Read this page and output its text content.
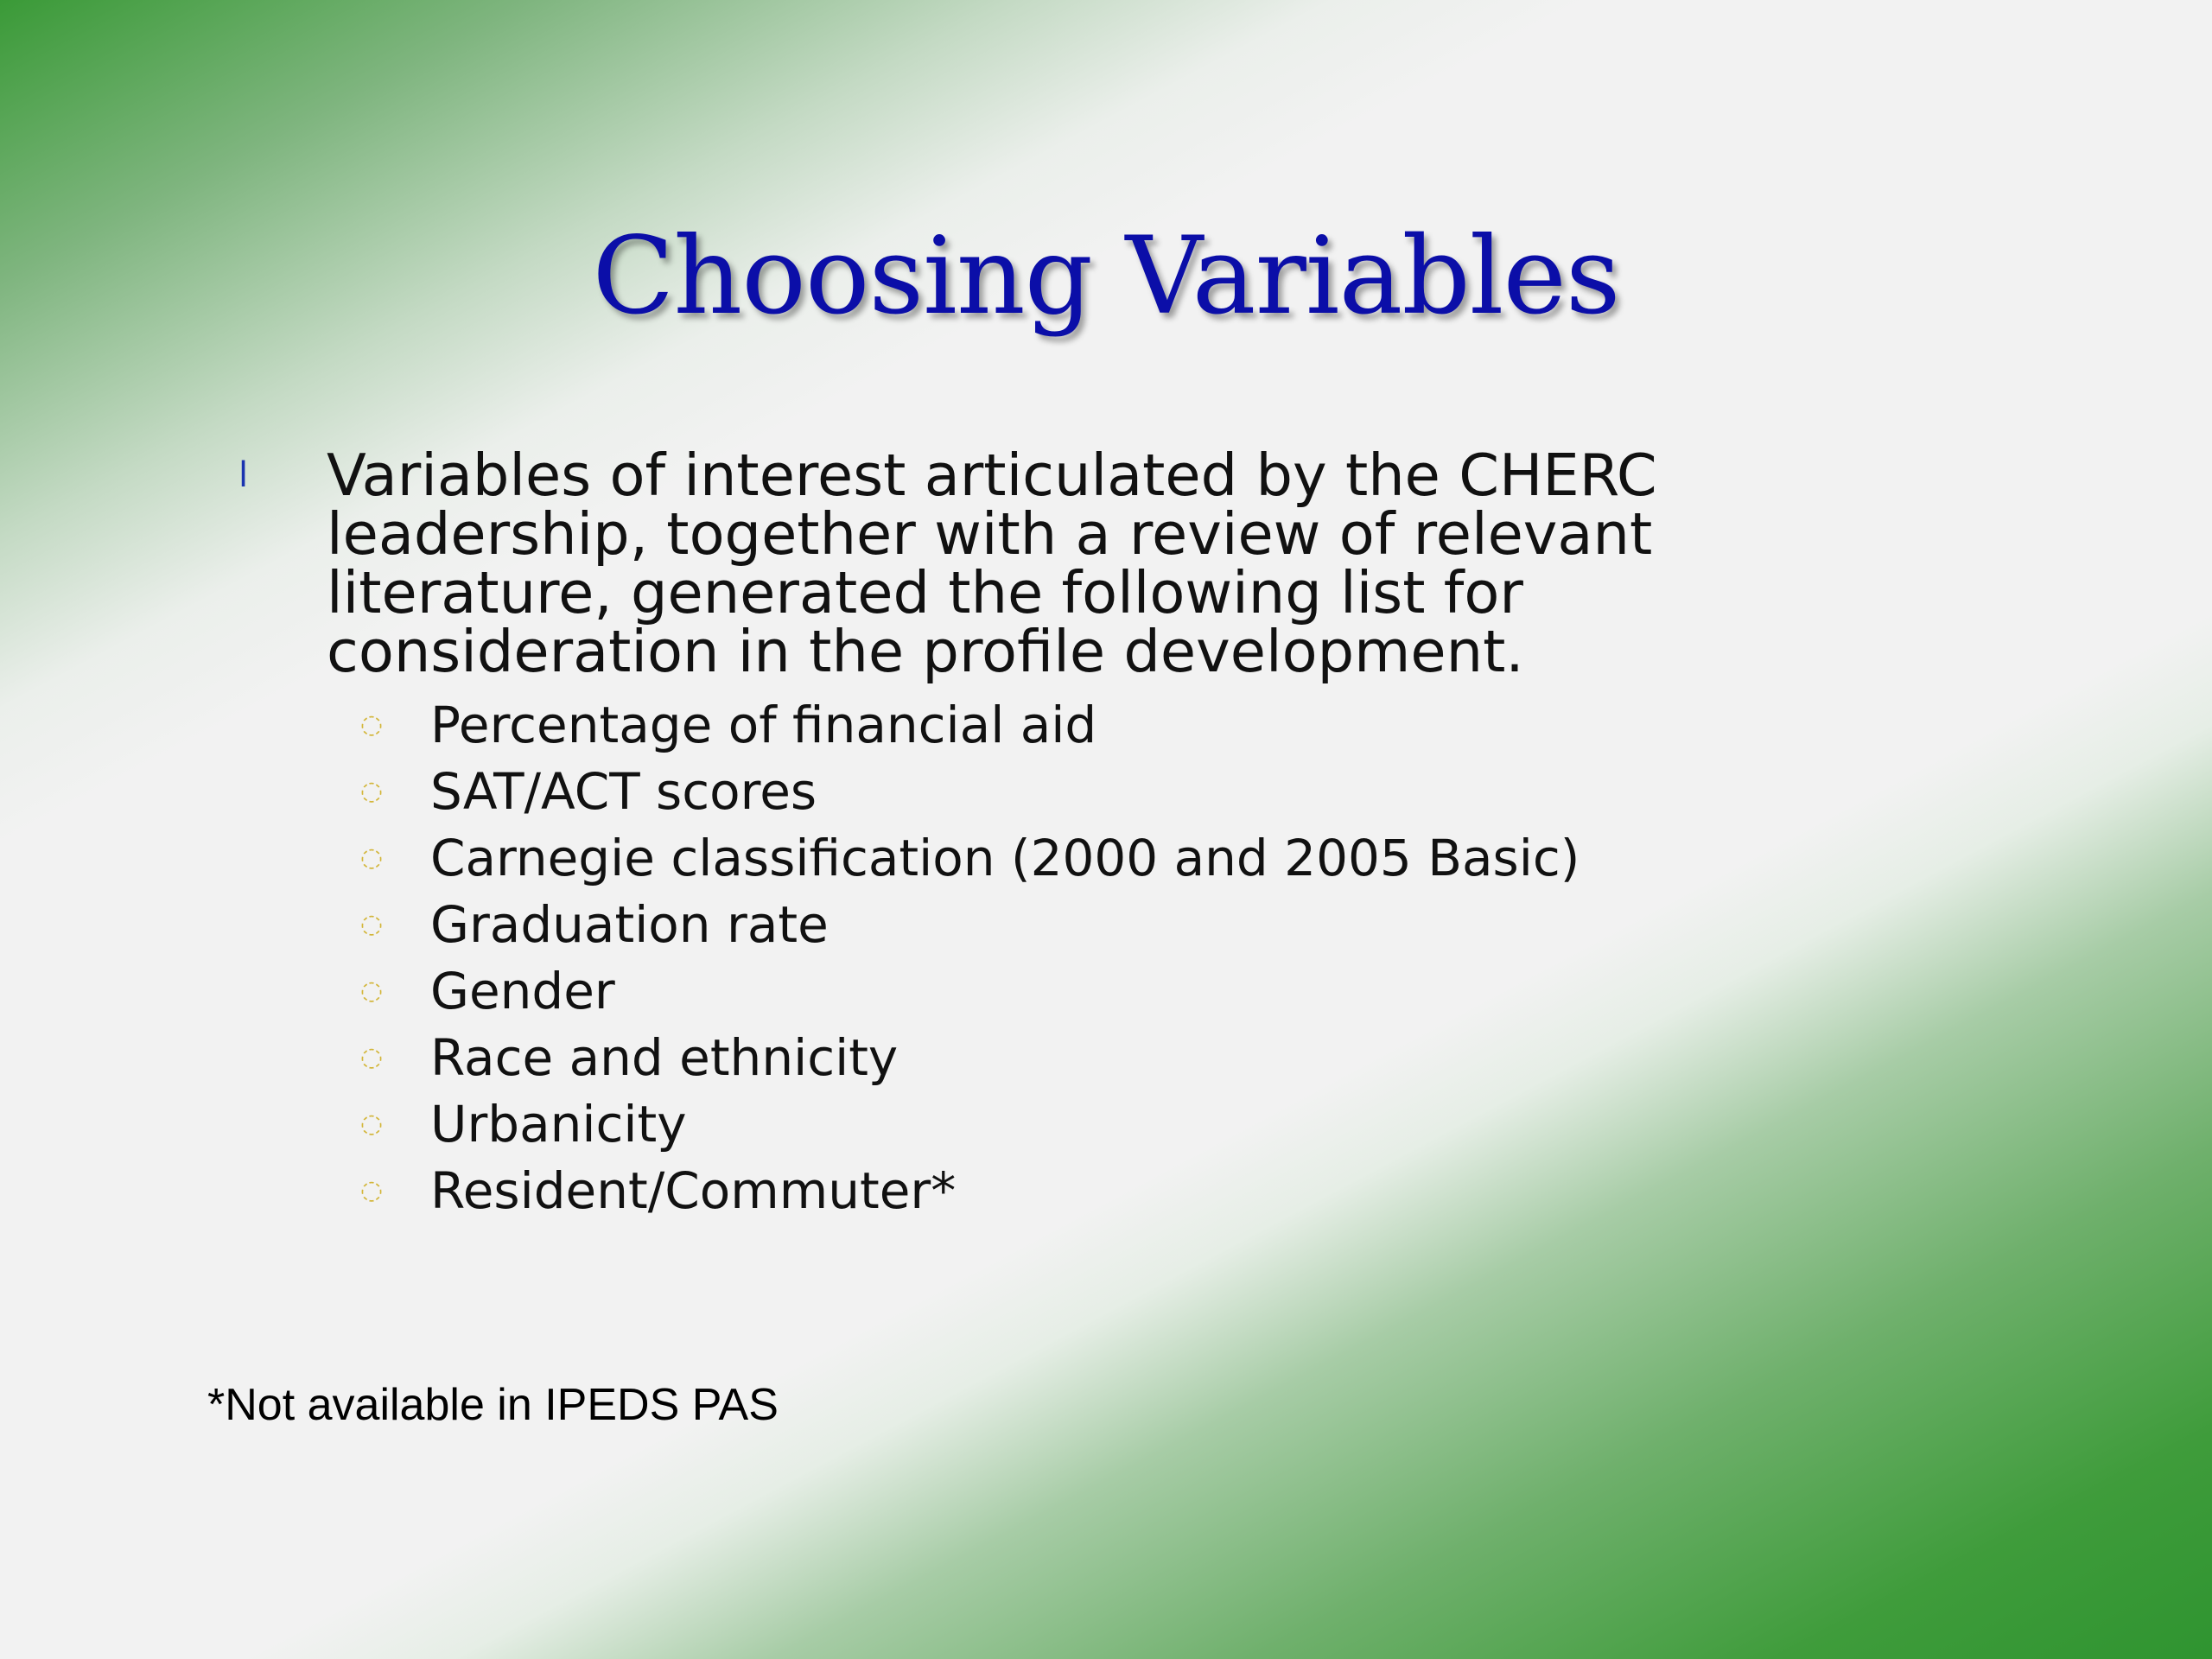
Choosing Variables
l Variables of interest articulated by the CHERC leadership, together with a review of relevant literature, generated the following list for consideration in the profile development.

◌ Percentage of financial aid
◌ SAT/ACT scores
◌ Carnegie classification (2000 and 2005 Basic)
◌ Graduation rate
◌ Gender
◌ Race and ethnicity
◌ Urbanicity
◌ Resident/Commuter*

*Not available in IPEDS PAS
